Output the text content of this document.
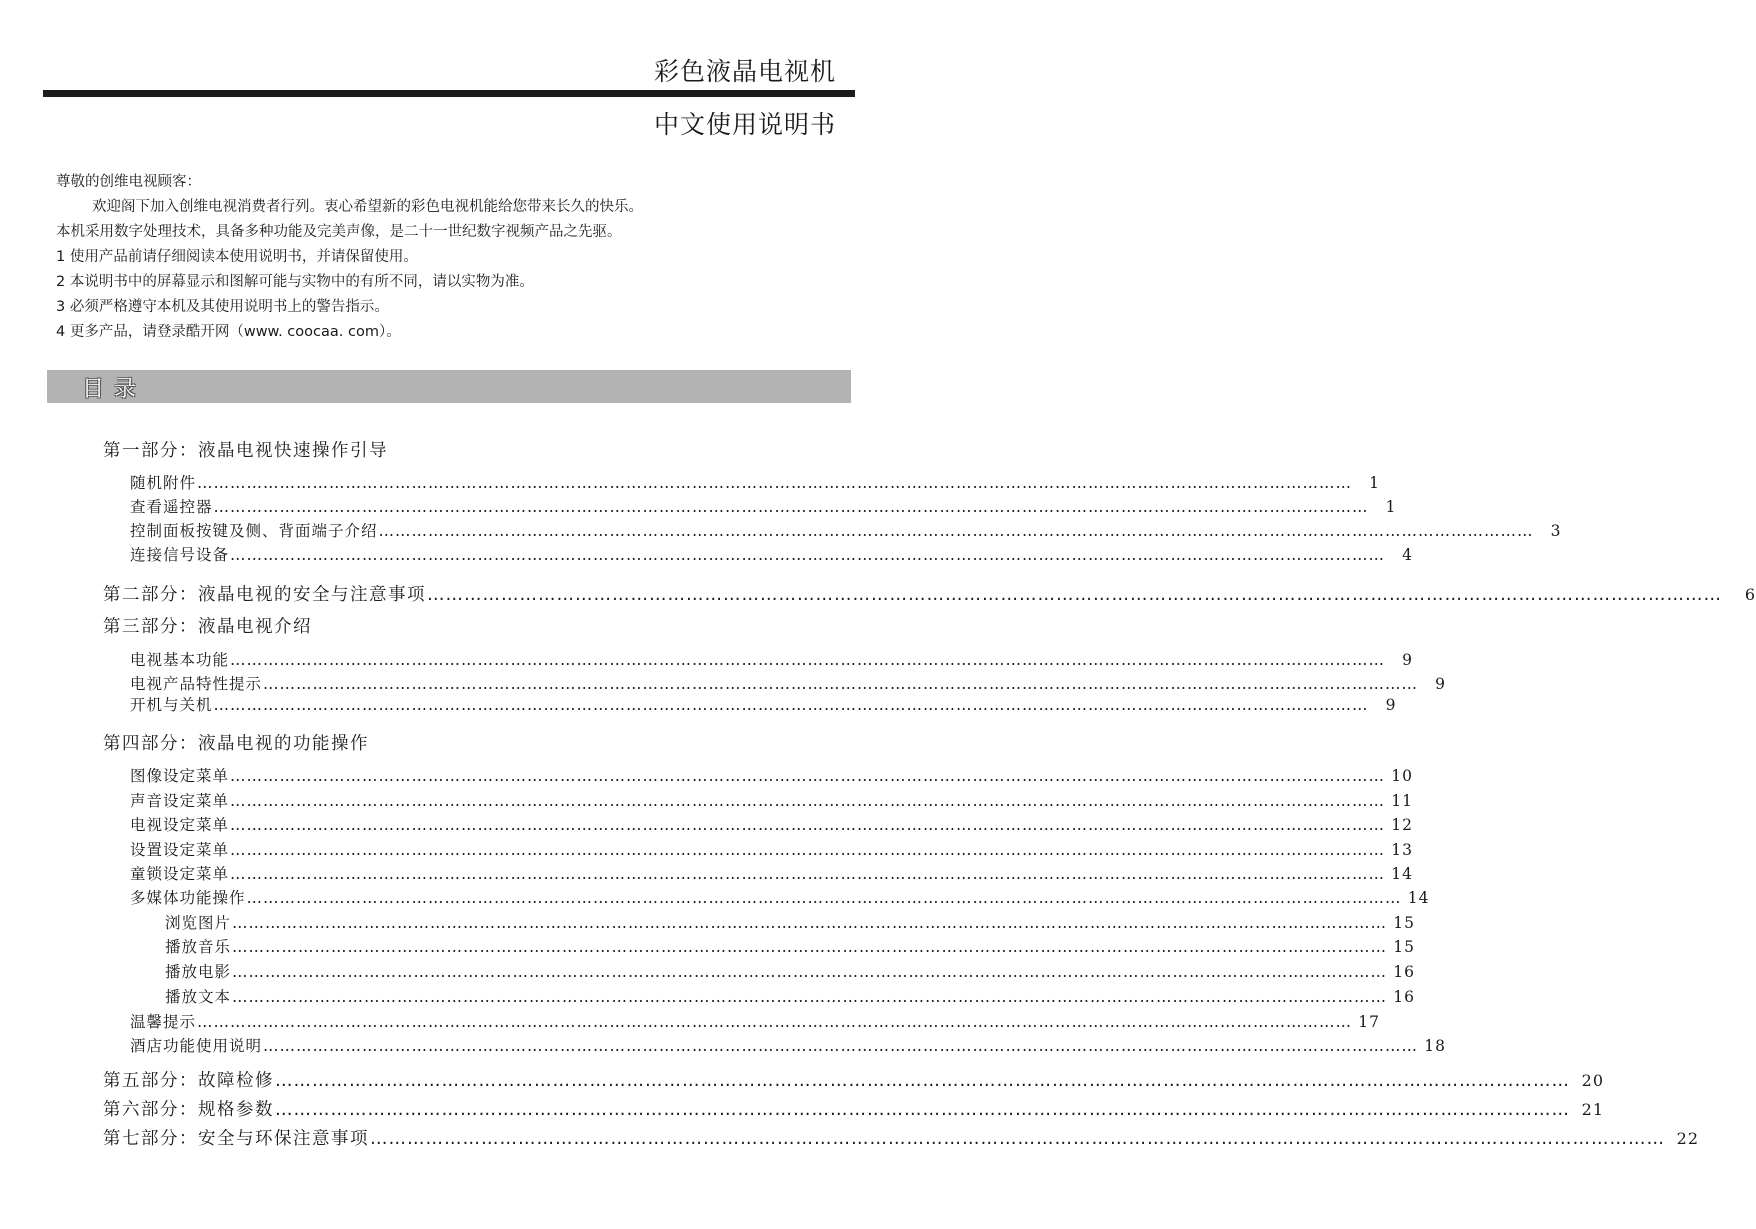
彩色液晶电视机
中文使用说明书
尊敬的创维电视顾客：
欢迎阁下加入创维电视消费者行列。衷心希望新的彩色电视机能给您带来长久的快乐。
本机采用数字处理技术，具备多种功能及完美声像，是二十一世纪数字视频产品之先驱。
1 使用产品前请仔细阅读本使用说明书，并请保留使用。
2 本说明书中的屏幕显示和图解可能与实物中的有所不同，请以实物为准。
3 必须严格遵守本机及其使用说明书上的警告指示。
4 更多产品，请登录酷开网（www. coocaa. com）。
目录
第一部分：液晶电视快速操作引导
随机附件 …………………………………………………………………………………………………………………………………………………………………………………………	1
查看遥控器 …………………………………………………………………………………………………………………………………………………………………………………………	1
控制面板按键及侧、背面端子介绍 …………………………………………………………………………………………………………………………………………………………………………………………	3
连接信号设备 …………………………………………………………………………………………………………………………………………………………………………………………	4
第二部分：液晶电视的安全与注意事项 …………………………………………………………………………………………………………………………………………………………………………………………	6
第三部分：液晶电视介绍
电视基本功能 …………………………………………………………………………………………………………………………………………………………………………………………	9
电视产品特性提示 …………………………………………………………………………………………………………………………………………………………………………………………	9
开机与关机 …………………………………………………………………………………………………………………………………………………………………………………………	9
第四部分：液晶电视的功能操作
图像设定菜单 ………………………………………………………………………………………………………………………………………………………………………………………… 10
声音设定菜单 ………………………………………………………………………………………………………………………………………………………………………………………… 11
电视设定菜单 ………………………………………………………………………………………………………………………………………………………………………………………… 12
设置设定菜单 ………………………………………………………………………………………………………………………………………………………………………………………… 13
童锁设定菜单 ………………………………………………………………………………………………………………………………………………………………………………………… 14
多媒体功能操作 ………………………………………………………………………………………………………………………………………………………………………………………… 14
浏览图片 ………………………………………………………………………………………………………………………………………………………………………………………… 15
播放音乐 ………………………………………………………………………………………………………………………………………………………………………………………… 15
播放电影 ………………………………………………………………………………………………………………………………………………………………………………………… 16
播放文本 ………………………………………………………………………………………………………………………………………………………………………………………… 16
温馨提示 ………………………………………………………………………………………………………………………………………………………………………………………… 17
酒店功能使用说明 ………………………………………………………………………………………………………………………………………………………………………………………… 18
第五部分：故障检修 ………………………………………………………………………………………………………………………………………………………………………………………… 20
第六部分：规格参数 ………………………………………………………………………………………………………………………………………………………………………………………… 21
第七部分：安全与环保注意事项 ………………………………………………………………………………………………………………………………………………………………………………………… 22
